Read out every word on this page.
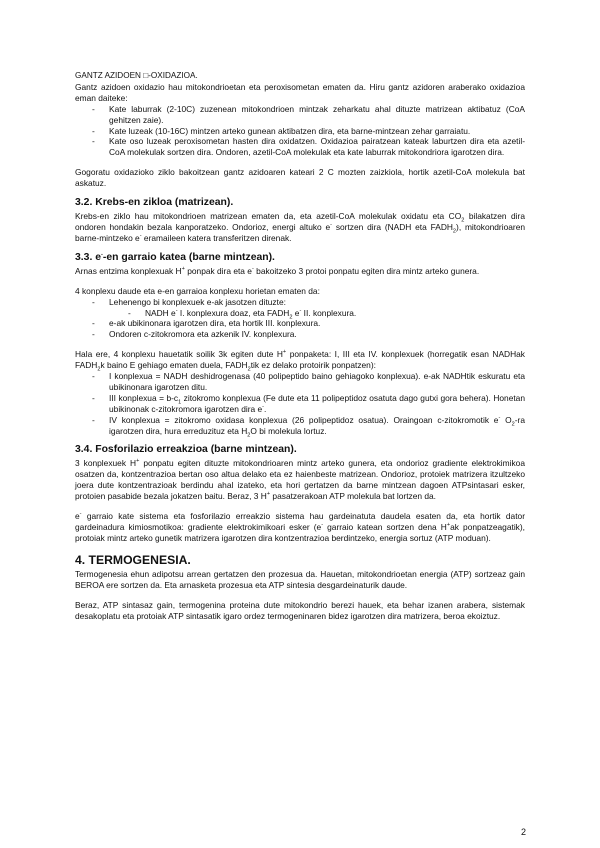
GANTZ AZIDOEN □-OXIDAZIOA.

Gantz azidoen oxidazio hau mitokondrioetan eta peroxisometan ematen da. Hiru gantz azidoren araberako oxidazioa eman daiteke:

- Kate laburrak (2-10C) zuzenean mitokondrioen mintzak zeharkatu ahal dituzte matrizean aktibatuz (CoA gehitzen zaie).
- Kate luzeak (10-16C) mintzen arteko gunean aktibatzen dira, eta barne-mintzean zehar garraiatu.
- Kate oso luzeak peroxisometan hasten dira oxidatzen. Oxidazioa pairatzean kateak laburtzen dira eta azetil-CoA molekulak sortzen dira. Ondoren, azetil-CoA molekulak eta kate laburrak mitokondriora igarotzen dira.

Gogoratu oxidazioko ziklo bakoitzean gantz azidoaren kateari 2 C mozten zaizkiola, hortik azetil-CoA molekula bat askatuz.

3.2. Krebs-en zikloa (matrizean).

Krebs-en ziklo hau mitokondrioen matrizean ematen da, eta azetil-CoA molekulak oxidatu eta $CO_2$ bilakatzen dira ondoren hondakin bezala kanporatzeko. Ondorioz, energi altuko e- sortzen dira (NADH eta $FADH_2$), mitokondrioaren barne-mintzeko e- eramaileen katera transferitzen direnak.

3.3. e--en garraio katea (barne mintzean).

Arnas entzima konplexuak H+ ponpak dira eta e- bakoitzeko 3 protoi ponpatu egiten dira mintz arteko gunera.

4 konplexu daude eta e-en garraioa konplexu horietan ematen da:

- Lehenengo bi konplexuek e-ak jasotzen dituzte:
- NADH e- I. konplexura doaz, eta $FADH_2$ e- II. konplexura.
- e-ak ubikinonara igarotzen dira, eta hortik III. konplexura.
- Ondoren c-zitokromora eta azkenik IV. konplexura.

Hala ere, 4 konplexu hauetatik soilik 3k egiten dute H+ ponpaketa: I, III eta IV. konplexuek (horregatik esan NADHak $FADH_2k$ baino E gehiago ematen duela, $FADH_2tik$ ez delako protoirik ponpatzen):

- I konplexua = NADH deshidrogenasa (40 polipeptido baino gehiagoko konplexua). e-ak NADHtik eskuratu eta ubikinonara igarotzen ditu.
- III konplexua = $b-c_1$ zitokromo konplexua (Fe dute eta 11 polipeptidoz osatuta dago gutxi gora behera). Honetan ubikinonak c-zitokromora igarotzen dira e-.
- IV konplexua = zitokromo oxidasa konplexua (26 polipeptidoz osatua). Oraingoan c-zitokromotik e- $O_2-ra$ igarotzen dira, hura erreduzituz eta $H_2O$ bi molekula lortuz.
3.4. Fosforilazio erreakzioa (barne mintzean).

3 konplexuek H+ ponpatu egiten dituzte mitokondrioaren mintz arteko gunera, eta ondorioz gradiente elektrokimikoa osatzen da, kontzentrazioa bertan oso altua delako eta ez haienbeste matrizean. Ondorioz, protoiek matrizera itzultzeko joera dute kontzentrazioak berdindu ahal izateko, eta hori gertatzen da barne mintzean dagoen ATPsintasari esker, protoien pasabide bezala jokatzen baitu. Beraz, 3 H+ pasatzerakoan ATP molekula bat lortzen da.

e- garraio kate sistema eta fosforilazio erreakzio sistema hau gardeinatuta daudela esaten da, eta hortik dator gardeinadura kimiosmotikoa: gradiente elektrokimikoari esker (e- garraio katean sortzen dena H+ak ponpatzeagatik), protoiak mintz arteko gunetik matrizera igarotzen dira kontzentrazioa berdintzeko, energia sortuz (ATP moduan).

4. TERMOGENESIA.

Termogenesia ehun adipotsu arrean gertatzen den prozesua da. Hauetan, mitokondrioetan energia (ATP) sortzeaz gain BEROA ere sortzen da. Eta arnasketa prozesua eta ATP sintesia desgardeinaturik daude.

Beraz, ATP sintasaz gain, termogenina proteina dute mitokondrio berezi hauek, eta behar izanen arabera, sistemak desakoplatu eta protoiak ATP sintasatik igaro ordez termogeninaren bidez igarotzen dira matrizera, beroa ekoiztuz.

2
